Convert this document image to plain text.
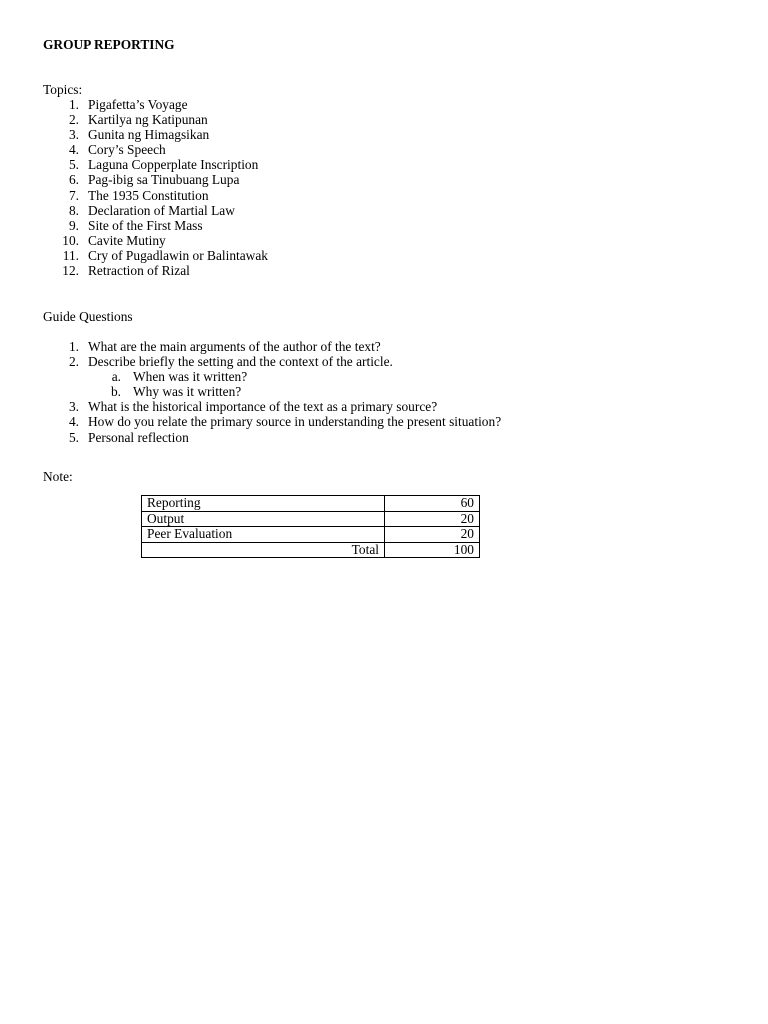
GROUP REPORTING

Topics:

1. Pigafetta’s Voyage
2. Kartilya ng Katipunan
3. Gunita ng Himagsikan
4. Cory’s Speech
5. Laguna Copperplate Inscription
6. Pag-ibig sa Tinubuang Lupa
7. The 1935 Constitution
8. Declaration of Martial Law
9. Site of the First Mass
10. Cavite Mutiny
11. Cry of Pugadlawin or Balintawak
12. Retraction of Rizal

Guide Questions

1. What are the main arguments of the author of the text?
2. Describe briefly the setting and the context of the article.
a. When was it written?
b. Why was it written?
3. What is the historical importance of the text as a primary source?
4. How do you relate the primary source in understanding the present situation?
5. Personal reflection

Note:

Reporting	60
Output	20
Peer Evaluation	20
Total	100
